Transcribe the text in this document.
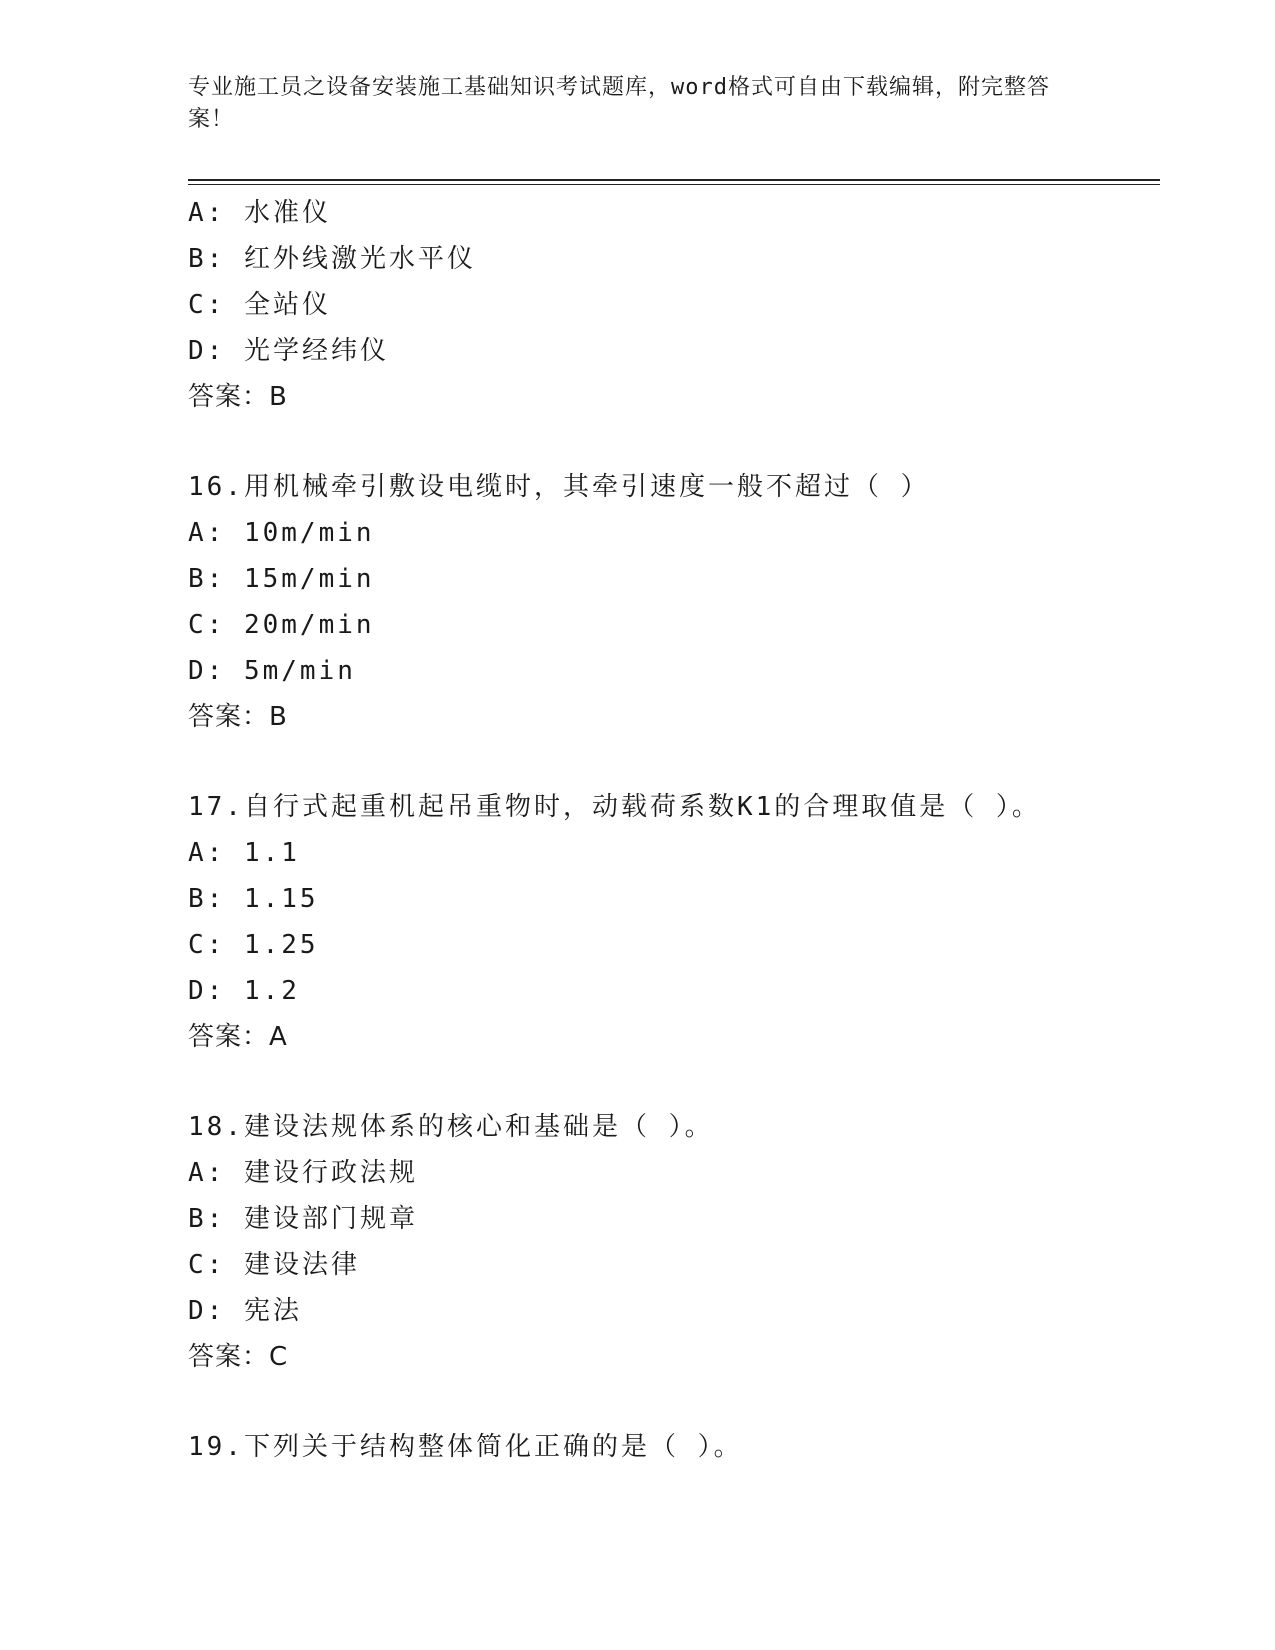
专业施工员之设备安装施工基础知识考试题库，word格式可自由下载编辑，附完整答案！
A: 水准仪
B: 红外线激光水平仪
C: 全站仪
D: 光学经纬仪
答案：B
16.用机械牵引敷设电缆时，其牵引速度一般不超过（ ）
A: 10m/min
B: 15m/min
C: 20m/min
D: 5m/min
答案：B
17.自行式起重机起吊重物时，动载荷系数K1的合理取值是（ ）。
A: 1.1
B: 1.15
C: 1.25
D: 1.2
答案：A
18.建设法规体系的核心和基础是（ ）。
A: 建设行政法规
B: 建设部门规章
C: 建设法律
D: 宪法
答案：C
19.下列关于结构整体简化正确的是（ ）。
